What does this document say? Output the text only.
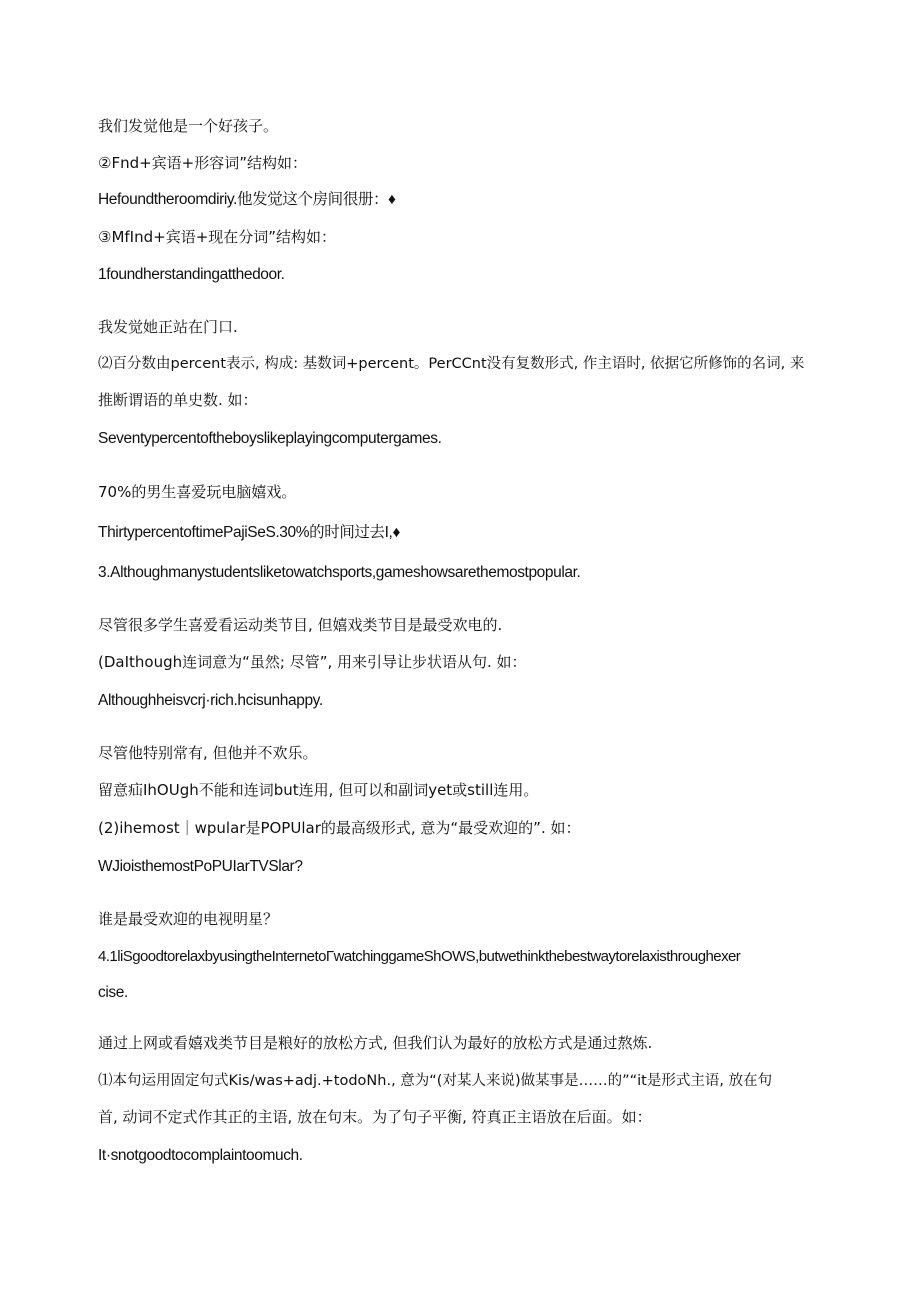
我们发觉他是一个好孩子。

②Fnd+宾语+形容词”结构如：

Hefoundtheroomdiriy.他发觉这个房间很册：♦

③MfInd+宾语+现在分词”结构如：

1foundherstandingatthedoor.

我发觉她正站在门口.

⑵百分数由percent表示, 构成: 基数词+percent。PerCCnt没有复数形式, 作主语时, 依据它所修饰的名词, 来

推断谓语的单史数. 如：

Seventypercentoftheboyslikeplayingcomputergames.

70%的男生喜爱玩电脑嬉戏。

ThirtypercentoftimePajiSeS.30%的时间过去I,♦

3.Althoughmanystudentsliketowatchsports,gameshowsarethemostpopular.

尽管很多学生喜爱看运动类节目, 但嬉戏类节目是最受欢电的.

(DaIthough连词意为“虽然; 尽管”, 用来引导让步状语从句. 如：

Althoughheisvcrj·rich.hcisunhappy.

尽管他特别常有, 但他并不欢乐。

留意疝IhOUgh不能和连词but连用, 但可以和副词yet或still连用。

(2)ihemost｜wpular是POPUlar的最高级形式, 意为“最受欢迎的”. 如：

WJioisthemostPoPUIarTVSlar?

谁是最受欢迎的电视明星？

4.1liSgoodtorelaxbyusingtheInternetoΓwatchinggameShOWS,butwethinkthebestwaytorelaxisthroughexer

cise.

通过上网或看嬉戏类节目是粮好的放松方式, 但我们认为最好的放松方式是通过熬炼.

⑴本句运用固定句式Kis/was+adj.+todoNh., 意为“(对某人来说)做某事是……的”“it是形式主语, 放在句

首, 动词不定式作其正的主语, 放在句末。为了句子平衡, 符真正主语放在后面。如：

It·snotgoodtocomplaintoomuch.
